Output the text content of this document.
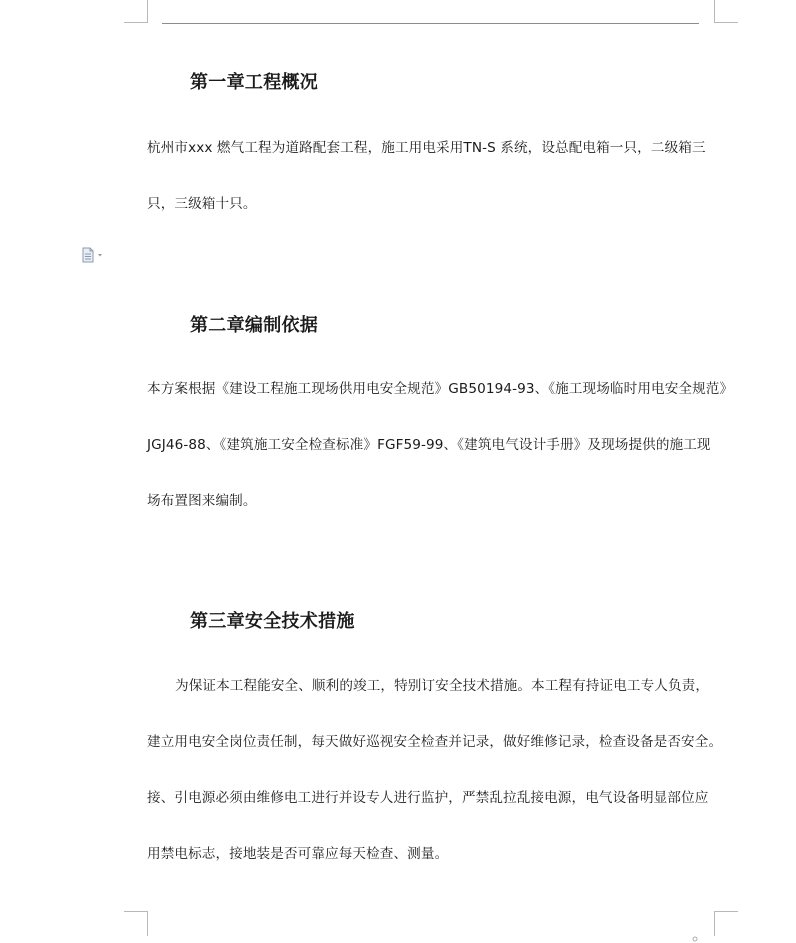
第一章工程概况
杭州市xxx 燃气工程为道路配套工程，施工用电采用TN-S 系统，设总配电箱一只，二级箱三
只，三级箱十只。
第二章编制依据
本方案根据《建设工程施工现场供用电安全规范》GB50194-93、《施工现场临时用电安全规范》
JGJ46-88、《建筑施工安全检查标准》FGF59-99、《建筑电气设计手册》及现场提供的施工现
场布置图来编制。
第三章安全技术措施
为保证本工程能安全、顺利的竣工，特别订安全技术措施。本工程有持证电工专人负责，
建立用电安全岗位责任制，每天做好巡视安全检查并记录，做好维修记录，检查设备是否安全。
接、引电源必须由维修电工进行并设专人进行监护，严禁乱拉乱接电源，电气设备明显部位应
用禁电标志，接地装是否可靠应每天检查、测量。
